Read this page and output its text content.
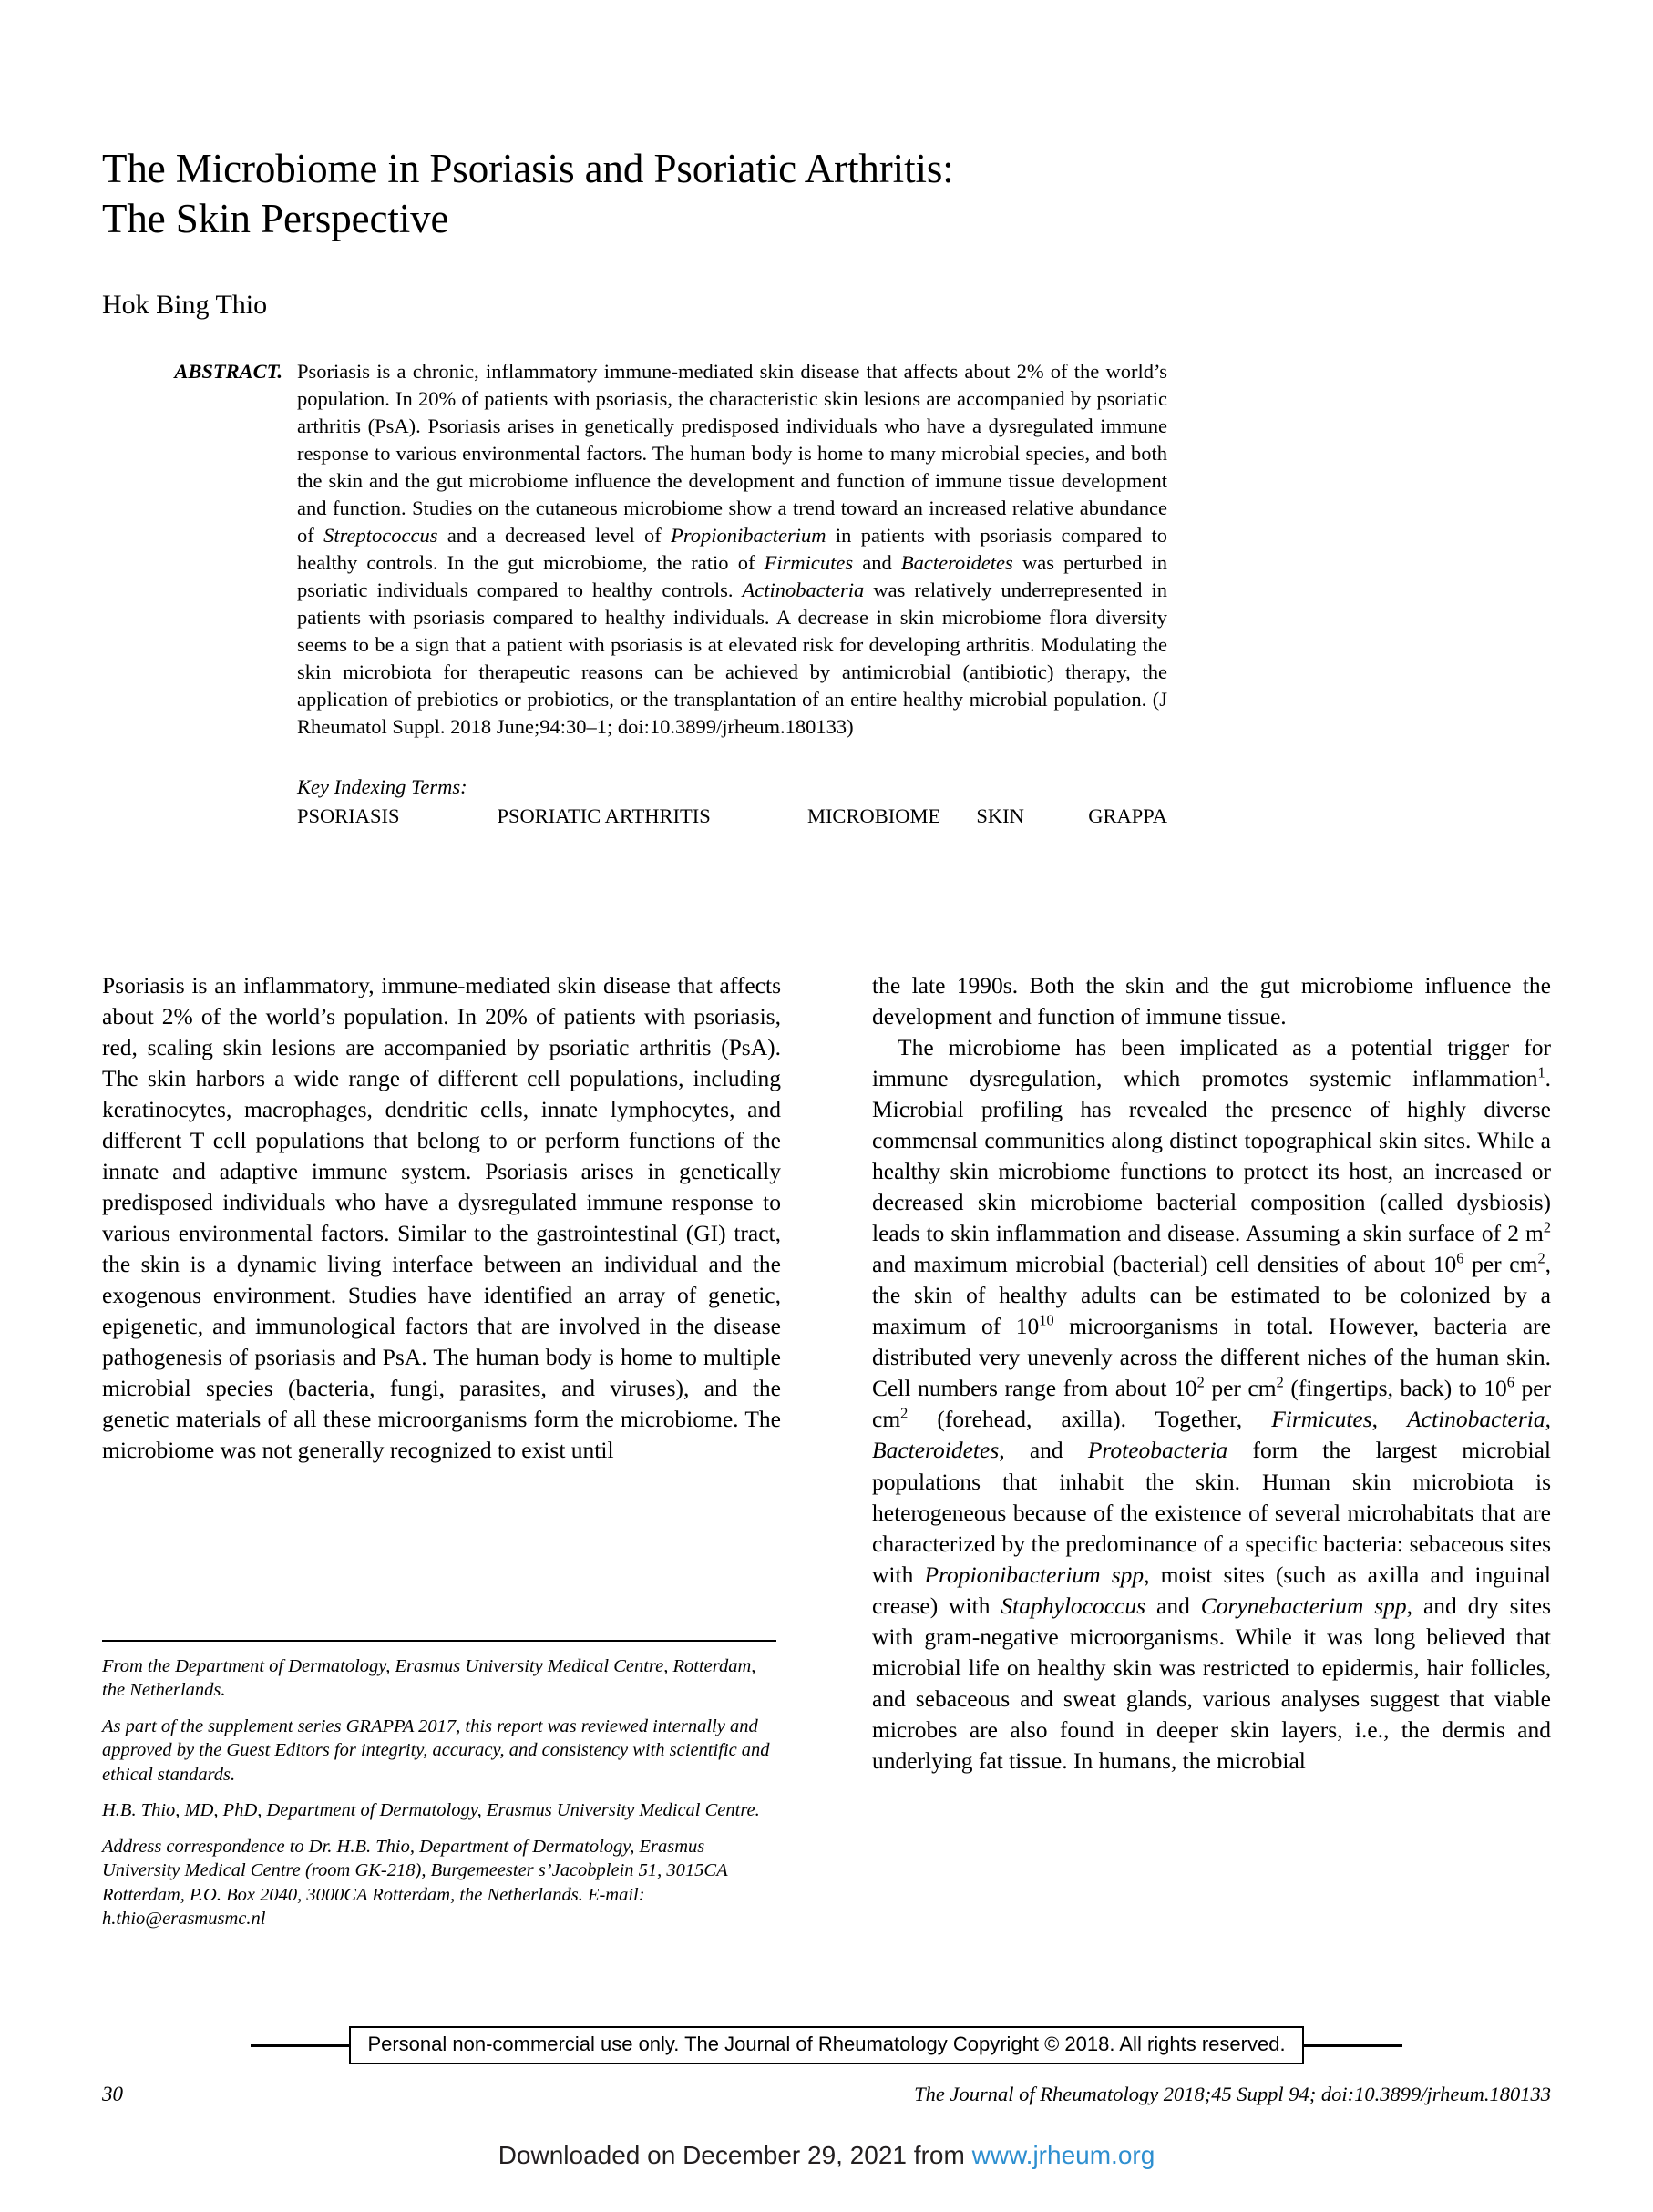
The Microbiome in Psoriasis and Psoriatic Arthritis:
The Skin Perspective
Hok Bing Thio
ABSTRACT. Psoriasis is a chronic, inflammatory immune-mediated skin disease that affects about 2% of the world’s population. In 20% of patients with psoriasis, the characteristic skin lesions are accompanied by psoriatic arthritis (PsA). Psoriasis arises in genetically predisposed individuals who have a dysregulated immune response to various environmental factors. The human body is home to many microbial species, and both the skin and the gut microbiome influence the development and function of immune tissue development and function. Studies on the cutaneous microbiome show a trend toward an increased relative abundance of Streptococcus and a decreased level of Propionibacterium in patients with psoriasis compared to healthy controls. In the gut microbiome, the ratio of Firmicutes and Bacteroidetes was perturbed in psoriatic individuals compared to healthy controls. Actinobacteria was relatively underrepresented in patients with psoriasis compared to healthy individuals. A decrease in skin microbiome flora diversity seems to be a sign that a patient with psoriasis is at elevated risk for developing arthritis. Modulating the skin microbiota for therapeutic reasons can be achieved by antimicrobial (antibiotic) therapy, the application of prebiotics or probiotics, or the transplantation of an entire healthy microbial population. (J Rheumatol Suppl. 2018 June;94:30–1; doi:10.3899/jrheum.180133)
Key Indexing Terms:
PSORIASIS	PSORIATIC ARTHRITIS	MICROBIOME	SKIN	GRAPPA

Psoriasis is an inflammatory, immune-mediated skin disease that affects about 2% of the world’s population. In 20% of patients with psoriasis, red, scaling skin lesions are accompanied by psoriatic arthritis (PsA). The skin harbors a wide range of different cell populations, including keratinocytes, macrophages, dendritic cells, innate lymphocytes, and different T cell populations that belong to or perform functions of the innate and adaptive immune system. Psoriasis arises in genetically predisposed individuals who have a dysregulated immune response to various environmental factors. Similar to the gastrointestinal (GI) tract, the skin is a dynamic living interface between an individual and the exogenous environment. Studies have identified an array of genetic, epigenetic, and immunological factors that are involved in the disease pathogenesis of psoriasis and PsA. The human body is home to multiple microbial species (bacteria, fungi, parasites, and viruses), and the genetic materials of all these microorganisms form the microbiome. The microbiome was not generally recognized to exist until

the late 1990s. Both the skin and the gut microbiome influence the development and function of immune tissue.

The microbiome has been implicated as a potential trigger for immune dysregulation, which promotes systemic inflammation$^1$. Microbial profiling has revealed the presence of highly diverse commensal communities along distinct topographical skin sites. While a healthy skin microbiome functions to protect its host, an increased or decreased skin microbiome bacterial composition (called dysbiosis) leads to skin inflammation and disease. Assuming a skin surface of 2 $m^2$ and maximum microbial (bacterial) cell densities of about $10^6$ per $cm^2$, the skin of healthy adults can be estimated to be colonized by a maximum of $10^{10}$ microorganisms in total. However, bacteria are distributed very unevenly across the different niches of the human skin. Cell numbers range from about $10^2$ per $cm^2$ (fingertips, back) to $10^6$ per $cm^2$ (forehead, axilla). Together, Firmicutes, Actinobacteria, Bacteroidetes, and Proteobacteria form the largest microbial populations that inhabit the skin. Human skin microbiota is heterogeneous because of the existence of several microhabitats that are characterized by the predominance of a specific bacteria: sebaceous sites with Propionibacterium spp, moist sites (such as axilla and inguinal crease) with Staphylococcus and Corynebacterium spp, and dry sites with gram-negative microorganisms. While it was long believed that microbial life on healthy skin was restricted to epidermis, hair follicles, and sebaceous and sweat glands, various analyses suggest that viable microbes are also found in deeper skin layers, i.e., the dermis and underlying fat tissue. In humans, the microbial

From the Department of Dermatology, Erasmus University Medical Centre, Rotterdam, the Netherlands.

As part of the supplement series GRAPPA 2017, this report was reviewed internally and approved by the Guest Editors for integrity, accuracy, and consistency with scientific and ethical standards.

H.B. Thio, MD, PhD, Department of Dermatology, Erasmus University Medical Centre.

Address correspondence to Dr. H.B. Thio, Department of Dermatology, Erasmus University Medical Centre (room GK-218), Burgemeester s’Jacobplein 51, 3015CA Rotterdam, P.O. Box 2040, 3000CA Rotterdam, the Netherlands. E-mail: h.thio@erasmusmc.nl

Personal non-commercial use only. The Journal of Rheumatology Copyright © 2018. All rights reserved.
30	The Journal of Rheumatology 2018;45 Suppl 94; doi:10.3899/jrheum.180133
Downloaded on December 29, 2021 from www.jrheum.org
